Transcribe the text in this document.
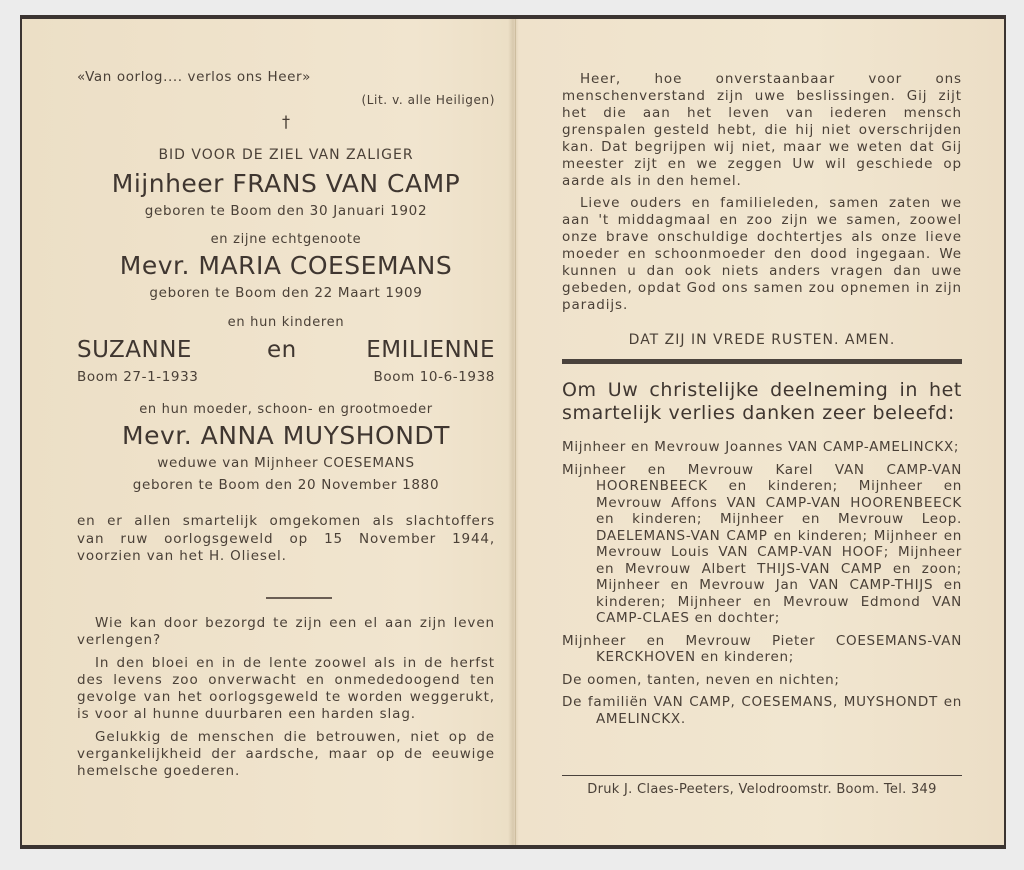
«Van oorlog.... verlos ons Heer»
(Lit. v. alle Heiligen)
†
BID VOOR DE ZIEL VAN ZALIGER
Mijnheer FRANS VAN CAMP
geboren te Boom den 30 Januari 1902
en zijne echtgenoote
Mevr. MARIA COESEMANS
geboren te Boom den 22 Maart 1909
en hun kinderen
SUZANNE	en	EMILIENNE
Boom 27-1-1933	Boom 10-6-1938
en hun moeder, schoon- en grootmoeder
Mevr. ANNA MUYSHONDT
weduwe van Mijnheer COESEMANS
geboren te Boom den 20 November 1880
en er allen smartelijk omgekomen als slachtoffers
van ruw oorlogsgeweld op 15 November 1944,
voorzien van het H. Oliesel.

Wie kan door bezorgd te zijn een el aan zijn leven verlengen?

In den bloei en in de lente zoowel als in de herfst des levens zoo onverwacht en onmededoogend ten gevolge van het oorlogsgeweld te worden weggerukt, is voor al hunne duurbaren een harden slag.

Gelukkig de menschen die betrouwen, niet op de vergankelijkheid der aardsche, maar op de eeuwige hemelsche goederen.

Heer, hoe onverstaanbaar voor ons menschenverstand zijn uwe beslissingen. Gij zijt het die aan het leven van iederen mensch grenspalen gesteld hebt, die hij niet overschrijden kan. Dat begrijpen wij niet, maar we weten dat Gij meester zijt en we zeggen Uw wil geschiede op aarde als in den hemel.

Lieve ouders en familieleden, samen zaten we aan 't middagmaal en zoo zijn we samen, zoowel onze brave onschuldige dochtertjes als onze lieve moeder en schoonmoeder den dood ingegaan. We kunnen u dan ook niets anders vragen dan uwe gebeden, opdat God ons samen zou opnemen in zijn paradijs.

DAT ZIJ IN VREDE RUSTEN. AMEN.
Om Uw christelijke deelneming in het smartelijk verlies danken zeer beleefd:
Mijnheer en Mevrouw Joannes VAN CAMP-AMELINCKX;
Mijnheer en Mevrouw Karel VAN CAMP-VAN HOORENBEECK en kinderen; Mijnheer en Mevrouw Affons VAN CAMP-VAN HOORENBEECK en kinderen; Mijnheer en Mevrouw Leop. DAELEMANS-VAN CAMP en kinderen; Mijnheer en Mevrouw Louis VAN CAMP-VAN HOOF; Mijnheer en Mevrouw Albert THIJS-VAN CAMP en zoon; Mijnheer en Mevrouw Jan VAN CAMP-THIJS en kinderen; Mijnheer en Mevrouw Edmond VAN CAMP-CLAES en dochter;
Mijnheer en Mevrouw Pieter COESEMANS-VAN KERCKHOVEN en kinderen;
De oomen, tanten, neven en nichten;
De familiën VAN CAMP, COESEMANS, MUYSHONDT en AMELINCKX.
Druk J. Claes-Peeters, Velodroomstr. Boom. Tel. 349
